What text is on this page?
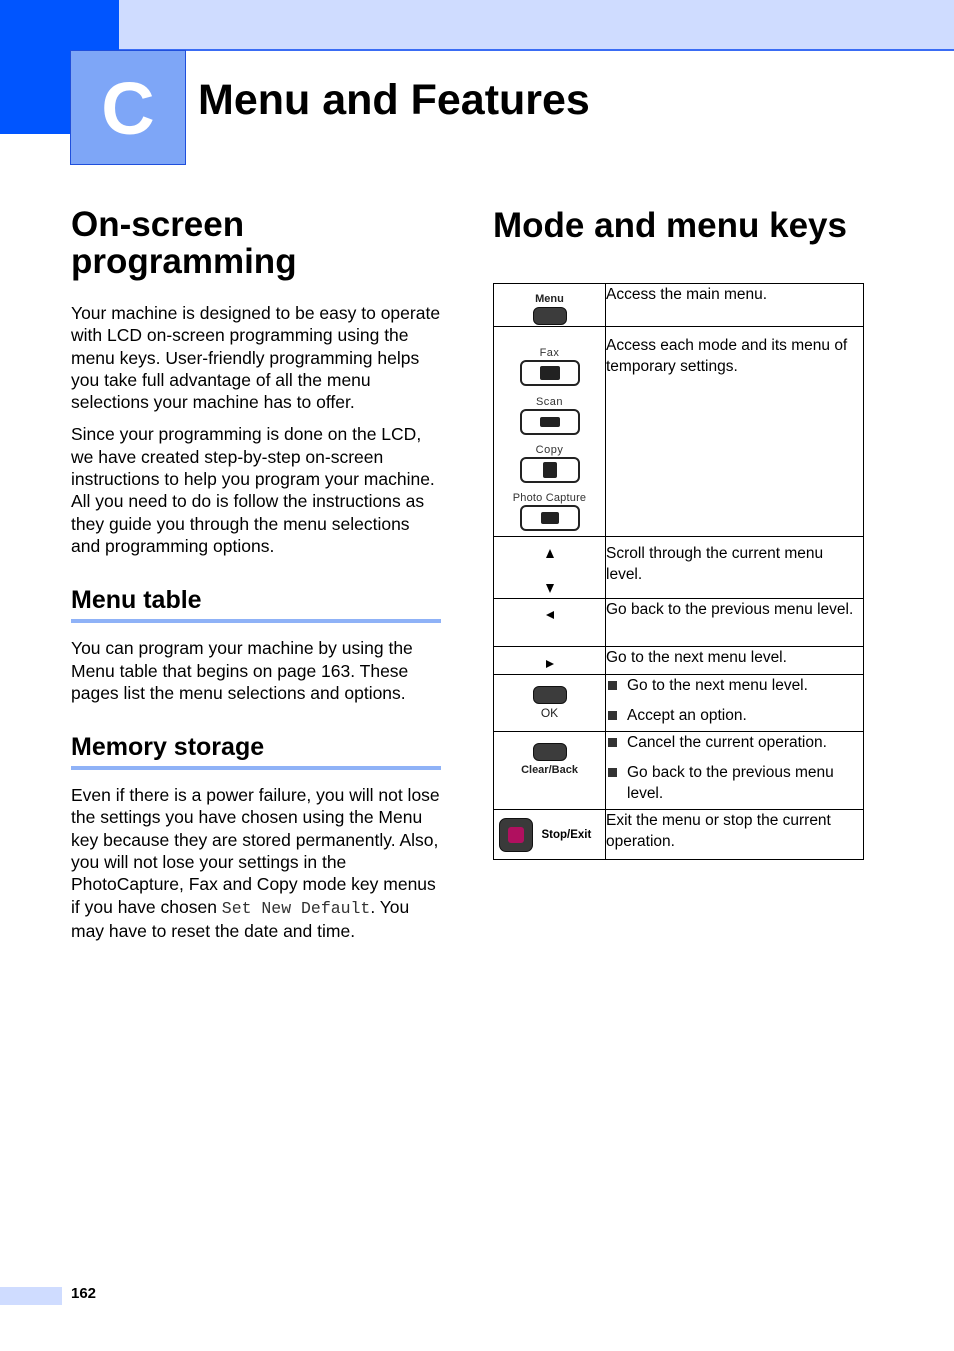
C	Menu and Features
On-screen programming

Your machine is designed to be easy to operate with LCD on-screen programming using the menu keys. User-friendly programming helps you take full advantage of all the menu selections your machine has to offer.

Since your programming is done on the LCD, we have created step-by-step on-screen instructions to help you program your machine. All you need to do is follow the instructions as they guide you through the menu selections and programming options.

Menu table

You can program your machine by using the Menu table that begins on page 163. These pages list the menu selections and options.

Memory storage

Even if there is a power failure, you will not lose the settings you have chosen using the Menu key because they are stored permanently. Also, you will not lose your settings in the PhotoCapture, Fax and Copy mode key menus if you have chosen Set New Default. You may have to reset the date and time.

Mode and menu keys
Menu	Access the main menu.

Fax
Scan
Copy
Photo Capture	Access each mode and its menu of temporary settings.

	Scroll through the current menu level.
	Go back to the previous menu level.
	Go to the next menu level.

OK	Go to the next menu level.
Accept an option.

Clear/Back	Cancel the current operation.
Go back to the previous menu level.

Stop/Exit	Exit the menu or stop the current operation.
162
